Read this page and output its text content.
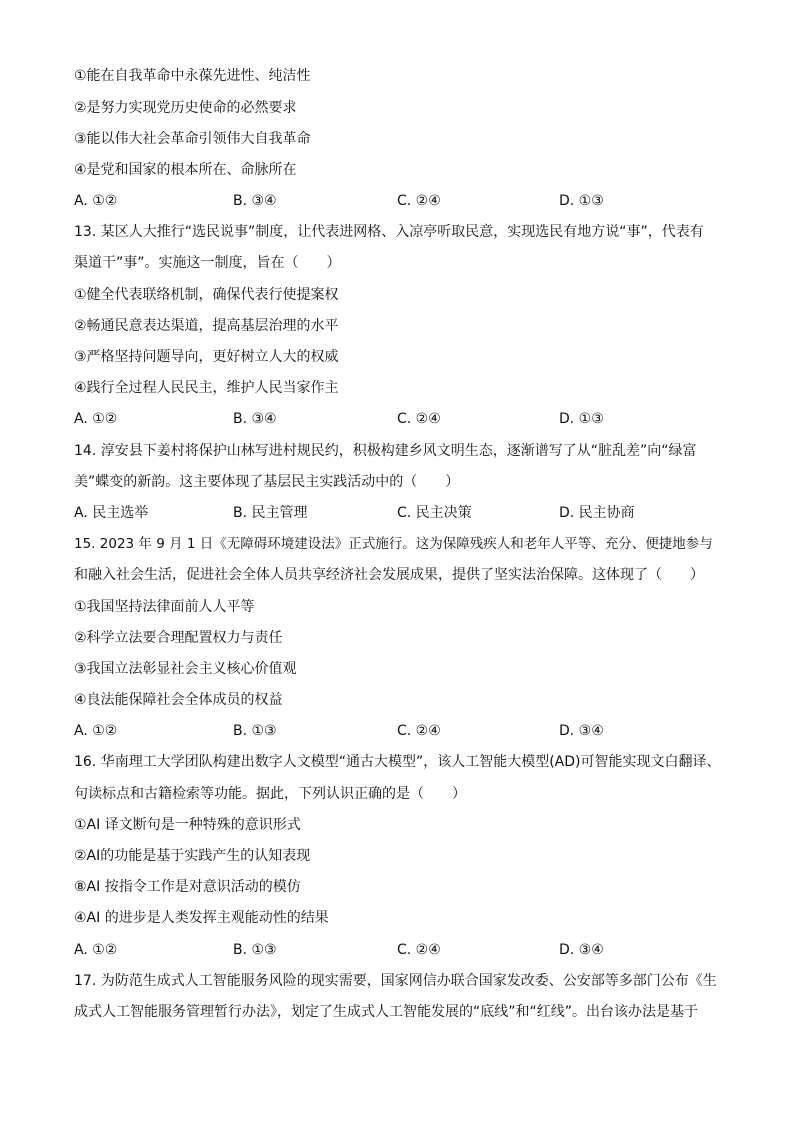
①能在自我革命中永葆先进性、纯洁性
②是努力实现党历史使命的必然要求
③能以伟大社会革命引领伟大自我革命
④是党和国家的根本所在、命脉所在
A. ①②	B. ③④	C. ②④	D. ①③
13. 某区人大推行“选民说事”制度，让代表进网格、入凉亭听取民意，实现选民有地方说“事”，代表有
渠道干”事”。实施这一制度，旨在（　　）
①健全代表联络机制，确保代表行使提案权
②畅通民意表达渠道，提高基层治理的水平
③严格坚持问题导向，更好树立人大的权威
④践行全过程人民民主，维护人民当家作主
A. ①②	B. ③④	C. ②④	D. ①③
14. 淳安县下姜村将保护山林写进村规民约，积极构建乡风文明生态，逐渐谱写了从“脏乱差”向“绿富
美”蝶变的新韵。这主要体现了基层民主实践活动中的（　　）
A. 民主选举	B. 民主管理	C. 民主决策	D. 民主协商
15. 2023 年 9 月 1 日《无障碍环境建设法》正式施行。这为保障残疾人和老年人平等、充分、便捷地参与
和融入社会生活，促进社会全体人员共享经济社会发展成果，提供了坚实法治保障。这体现了（　　）
①我国坚持法律面前人人平等
②科学立法要合理配置权力与责任
③我国立法彰显社会主义核心价值观
④良法能保障社会全体成员的权益
A. ①②	B. ①③	C. ②④	D. ③④
16. 华南理工大学团队构建出数字人文模型“通古大模型”，该人工智能大模型(AD)可智能实现文白翻译、
句读标点和古籍检索等功能。据此，下列认识正确的是（　　）
①AI 译文断句是一种特殊的意识形式
②AI的功能是基于实践产生的认知表现
⑧AI 按指令工作是对意识活动的模仿
④AI 的进步是人类发挥主观能动性的结果
A. ①②	B. ①③	C. ②④	D. ③④
17. 为防范生成式人工智能服务风险的现实需要，国家网信办联合国家发改委、公安部等多部门公布《生
成式人工智能服务管理暂行办法》，划定了生成式人工智能发展的“底线”和“红线”。出台该办法是基于
